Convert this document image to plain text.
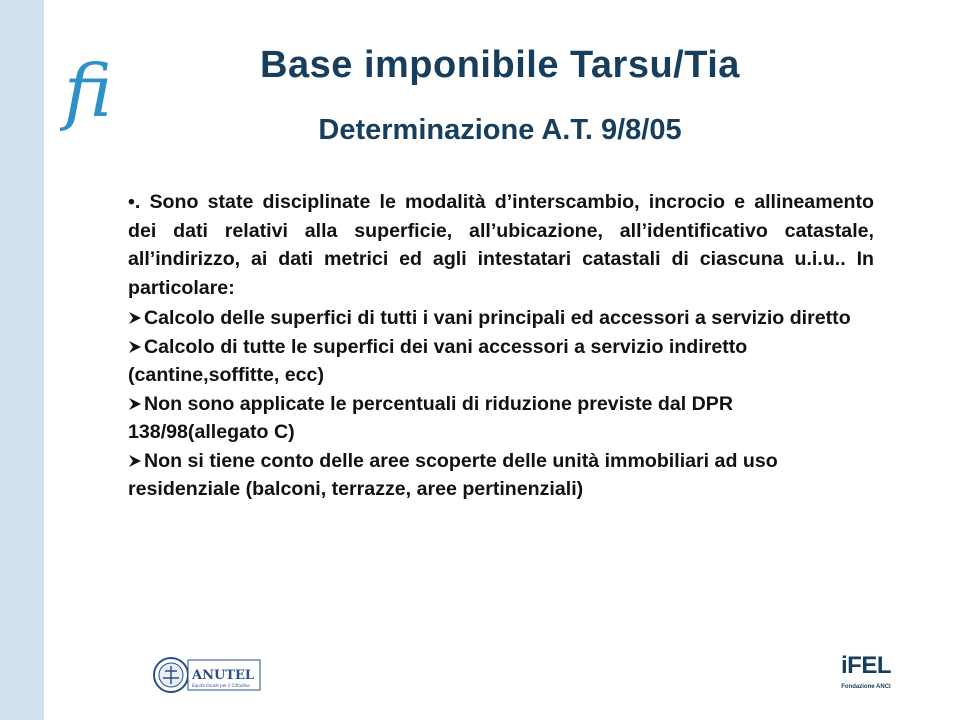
fi	Base imponibile Tarsu/Tia
Determinazione A.T. 9/8/05

•. Sono state disciplinate le modalità d’interscambio, incrocio e allineamento dei dati relativi alla superficie, all’ubicazione, all’identificativo catastale, all’indirizzo, ai dati metrici ed agli intestatari catastali di ciascuna u.i.u.. In particolare:

Calcolo delle superfici di tutti i vani principali ed accessori a servizio diretto
Calcolo di tutte le superfici dei vani accessori a servizio indiretto (cantine,soffitte, ecc)
Non sono applicate le percentuali di riduzione previste dal DPR 138/98(allegato C)
Non si tiene conto delle aree scoperte delle unità immobiliari ad uso residenziale (balconi, terrazze, aree pertinenziali)
ANUTEL
Equità fiscale per il Cittadino
iFEL
Fondazione ANCI
